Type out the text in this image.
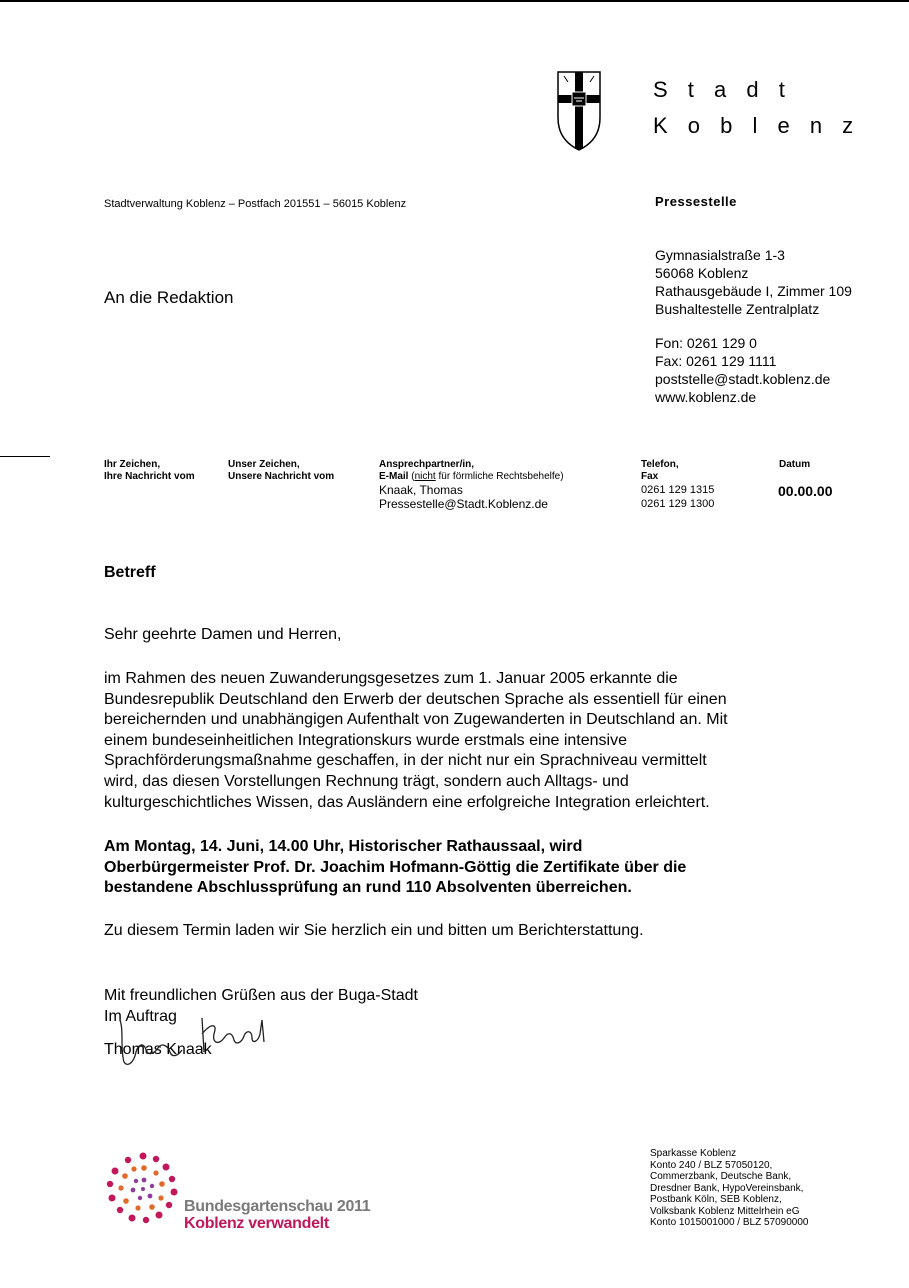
S t a d t
K o b l e n z
Stadtverwaltung Koblenz – Postfach 201551 – 56015 Koblenz	Pressestelle
Gymnasialstraße 1-3
56068 Koblenz
Rathausgebäude I, Zimmer 109
Bushaltestelle Zentralplatz
Fon: 0261 129 0
Fax: 0261 129 1111
poststelle@stadt.koblenz.de
www.koblenz.de
An die Redaktion
Ihr Zeichen,
Ihre Nachricht vom
Unser Zeichen,
Unsere Nachricht vom
Ansprechpartner/in,
E-Mail (nicht für förmliche Rechtsbehelfe)
Knaak, Thomas
Pressestelle@Stadt.Koblenz.de
Telefon,
Fax
0261 129 1315
0261 129 1300
Datum
00.00.00
Betreff
Sehr geehrte Damen und Herren,
im Rahmen des neuen Zuwanderungsgesetzes zum 1. Januar 2005 erkannte die
Bundesrepublik Deutschland den Erwerb der deutschen Sprache als essentiell für einen
bereichernden und unabhängigen Aufenthalt von Zugewanderten in Deutschland an. Mit
einem bundeseinheitlichen Integrationskurs wurde erstmals eine intensive
Sprachförderungsmaßnahme geschaffen, in der nicht nur ein Sprachniveau vermittelt
wird, das diesen Vorstellungen Rechnung trägt, sondern auch Alltags- und
kulturgeschichtliches Wissen, das Ausländern eine erfolgreiche Integration erleichtert.
Am Montag, 14. Juni, 14.00 Uhr, Historischer Rathaussaal, wird
Oberbürgermeister Prof. Dr. Joachim Hofmann-Göttig die Zertifikate über die
bestandene Abschlussprüfung an rund 110 Absolventen überreichen.
Zu diesem Termin laden wir Sie herzlich ein und bitten um Berichterstattung.
Mit freundlichen Grüßen aus der Buga-Stadt
Im Auftrag
Thomas Knaak
Bundesgartenschau 2011
Koblenz verwandelt
Sparkasse Koblenz
Konto 240 / BLZ 57050120,
Commerzbank, Deutsche Bank,
Dresdner Bank, HypoVereinsbank,
Postbank Köln, SEB Koblenz,
Volksbank Koblenz Mittelrhein eG
Konto 1015001000 / BLZ 57090000
